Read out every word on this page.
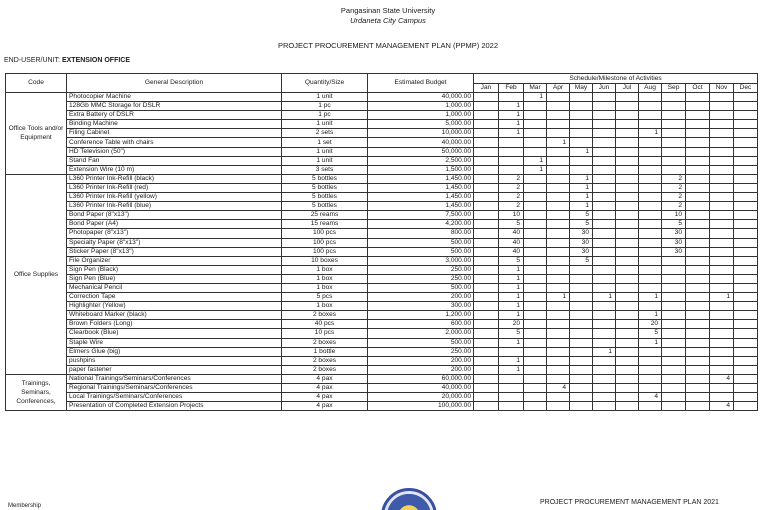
Pangasinan State University
Urdaneta City Campus
PROJECT PROCUREMENT MANAGEMENT PLAN (PPMP) 2022
END-USER/UNIT: EXTENSION OFFICE
Code	General Description	Quantity/Size	Estimated Budget	Schedule/Milestone of Activities											
				Jan	Feb	Mar	Apr	May	Jun	Jul	Aug	Sep	Oct	Nov	Dec
Office Tools and/or Equipment	Photocopier Machine	1 unit	40,000.00			1									
	128Gb MMC Storage for DSLR	1 pc	1,000.00		1										
	Extra Battery of DSLR	1 pc	1,000.00		1										
	Binding Machine	1 unit	5,000.00		1										
	Filing Cabinet	2 sets	10,000.00		1						1				
	Conference Table with chairs	1 set	40,000.00				1								
	HD Television (50")	1 unit	50,000.00					1							
	Stand Fan	1 unit	2,500.00			1									
	Extension Wire (10 m)	3 sets	1,500.00			1									
Office Supplies	L360 Printer Ink-Refill (black)	5 bottles	1,450.00		2			1				2			
	L360 Printer Ink-Refill (red)	5 bottles	1,450.00		2			1				2			
	L360 Printer Ink-Refill (yellow)	5 bottles	1,450.00		2			1				2			
	L360 Printer Ink-Refill (blue)	5 bottles	1,450.00		2			1				2			
	Bond Paper (8"x13")	25 reams	7,500.00		10			5				10			
	Bond Paper (A4)	15 reams	4,200.00		5			5				5			
	Photopaper (8"x13")	100 pcs	800.00		40			30				30			
	Specialty Paper (8"x13")	100 pcs	500.00		40			30				30			
	Sticker Paper (8"x13")	100 pcs	500.00		40			30				30			
	File Organizer	10 boxes	3,000.00		5			5							
	Sign Pen (Black)	1 box	250.00		1										
	Sign Pen (Blue)	1 box	250.00		1										
	Mechanical Pencil	1 box	500.00		1										
	Correction Tape	5 pcs	200.00		1		1		1		1			1	
	Highlighter (Yellow)	1 box	300.00		1										
	Whiteboard Marker (black)	2 boxes	1,200.00		1						1				
	Brown Folders (Long)	40 pcs	600.00		20						20				
	Clearbook (Blue)	10 pcs	2,000.00		5						5				
	Staple Wire	2 boxes	500.00		1						1				
	Elmers Glue (big)	1 bottle	250.00						1						
	pushpins	2 boxes	200.00		1										
	paper fastener	2 boxes	200.00		1										
Trainings, Seminars, Conferences,	National Trainings/Seminars/Conferences	4 pax	60,000.00											4	
	Regional Trainings/Seminars/Conferences	4 pax	40,000.00				4								
	Local Trainings/Seminars/Conferences	4 pax	20,000.00								4				
	Presentation of Completed Extension Projects	4 pax	100,000.00											4	
Membership	PROJECT PROCUREMENT MANAGEMENT PLAN 2021
